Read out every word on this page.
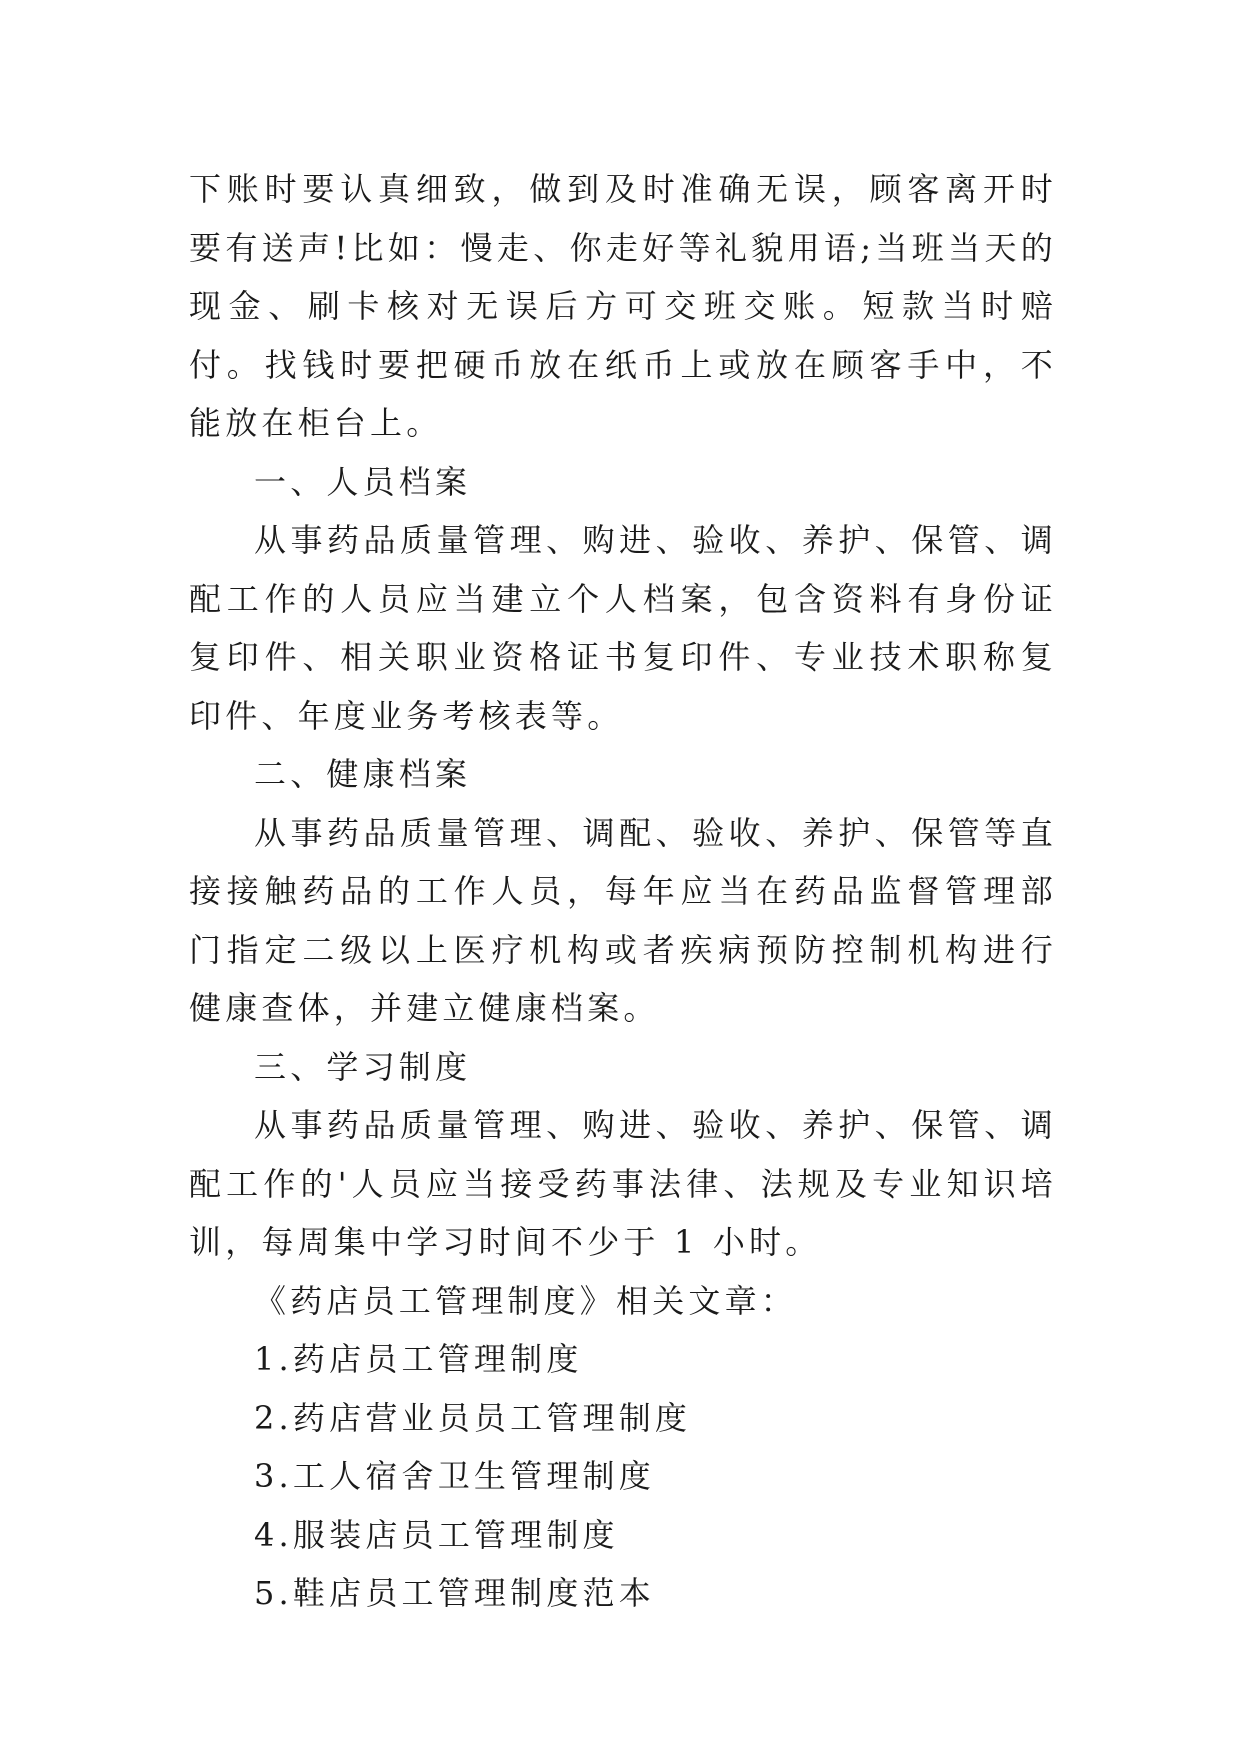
下账时要认真细致，做到及时准确无误，顾客离开时要有送声!比如：慢走、你走好等礼貌用语;当班当天的现金、刷卡核对无误后方可交班交账。短款当时赔付。找钱时要把硬币放在纸币上或放在顾客手中，不能放在柜台上。

一、人员档案

从事药品质量管理、购进、验收、养护、保管、调配工作的人员应当建立个人档案，包含资料有身份证复印件、相关职业资格证书复印件、专业技术职称复印件、年度业务考核表等。

二、健康档案

从事药品质量管理、调配、验收、养护、保管等直接接触药品的工作人员，每年应当在药品监督管理部门指定二级以上医疗机构或者疾病预防控制机构进行健康查体，并建立健康档案。

三、学习制度

从事药品质量管理、购进、验收、养护、保管、调配工作的'人员应当接受药事法律、法规及专业知识培训，每周集中学习时间不少于 1 小时。

《药店员工管理制度》相关文章：

1.药店员工管理制度
2.药店营业员员工管理制度
3.工人宿舍卫生管理制度
4.服装店员工管理制度
5.鞋店员工管理制度范本
